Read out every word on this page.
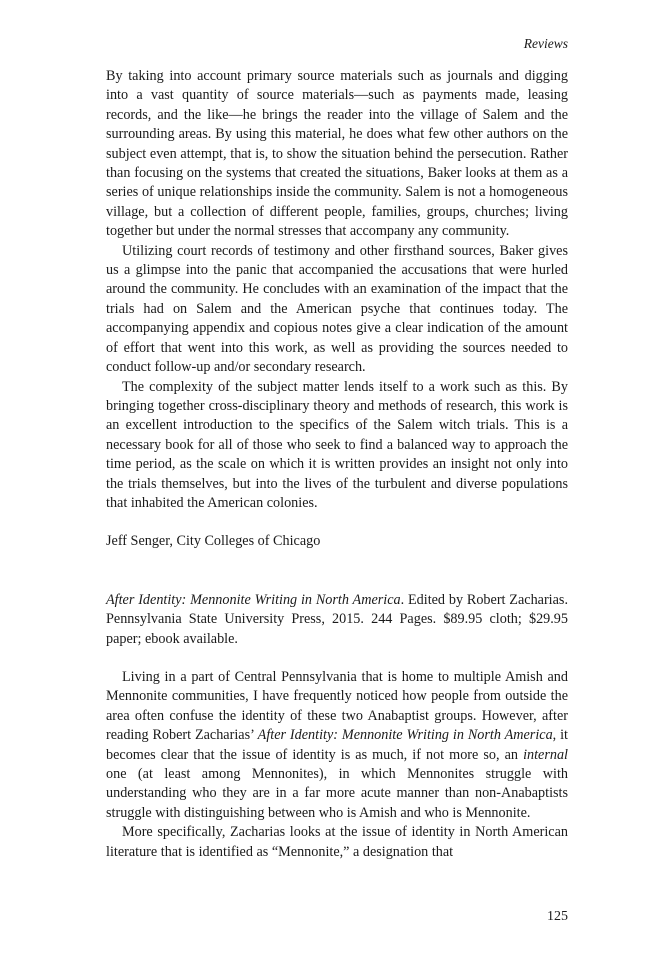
Reviews

By taking into account primary source materials such as journals and digging into a vast quantity of source materials—such as payments made, leasing records, and the like—he brings the reader into the village of Salem and the surrounding areas. By using this material, he does what few other authors on the subject even attempt, that is, to show the situation behind the persecution. Rather than focusing on the systems that created the situations, Baker looks at them as a series of unique relationships inside the community. Salem is not a homogeneous village, but a collection of different people, families, groups, churches; living together but under the normal stresses that accompany any community.

Utilizing court records of testimony and other firsthand sources, Baker gives us a glimpse into the panic that accompanied the accusations that were hurled around the community. He concludes with an examination of the impact that the trials had on Salem and the American psyche that continues today. The accompanying appendix and copious notes give a clear indication of the amount of effort that went into this work, as well as providing the sources needed to conduct follow-up and/or secondary research.

The complexity of the subject matter lends itself to a work such as this. By bringing together cross-disciplinary theory and methods of research, this work is an excellent introduction to the specifics of the Salem witch trials. This is a necessary book for all of those who seek to find a balanced way to approach the time period, as the scale on which it is written provides an insight not only into the trials themselves, but into the lives of the turbulent and diverse populations that inhabited the American colonies.

Jeff Senger, City Colleges of Chicago

After Identity: Mennonite Writing in North America. Edited by Robert Zacharias. Pennsylvania State University Press, 2015. 244 Pages. $89.95 cloth; $29.95 paper; ebook available.

Living in a part of Central Pennsylvania that is home to multiple Amish and Mennonite communities, I have frequently noticed how people from outside the area often confuse the identity of these two Anabaptist groups. However, after reading Robert Zacharias’ After Identity: Mennonite Writing in North America, it becomes clear that the issue of identity is as much, if not more so, an internal one (at least among Mennonites), in which Mennonites struggle with understanding who they are in a far more acute manner than non-Anabaptists struggle with distinguishing between who is Amish and who is Mennonite.

More specifically, Zacharias looks at the issue of identity in North American literature that is identified as “Mennonite,” a designation that

125
